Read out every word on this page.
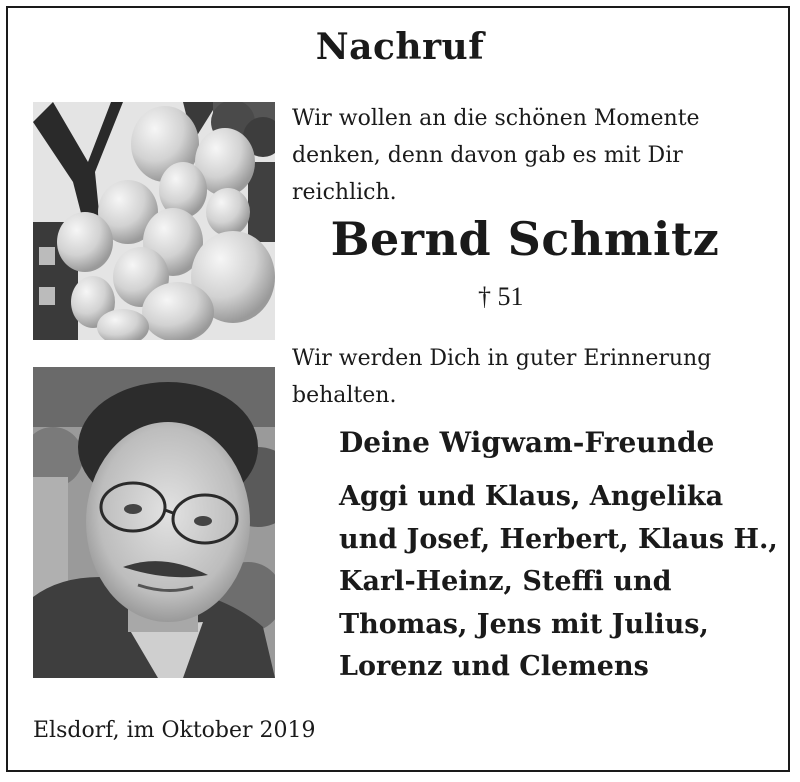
Nachruf
Wir wollen an die schönen Momente
denken, denn davon gab es mit Dir
reichlich.
Bernd Schmitz
† 51
Wir werden Dich in guter Erinnerung
behalten.
Deine Wigwam-Freunde
Aggi und Klaus, Angelika
und Josef, Herbert, Klaus H.,
Karl-Heinz, Steffi und
Thomas, Jens mit Julius,
Lorenz und Clemens
Elsdorf, im Oktober 2019
